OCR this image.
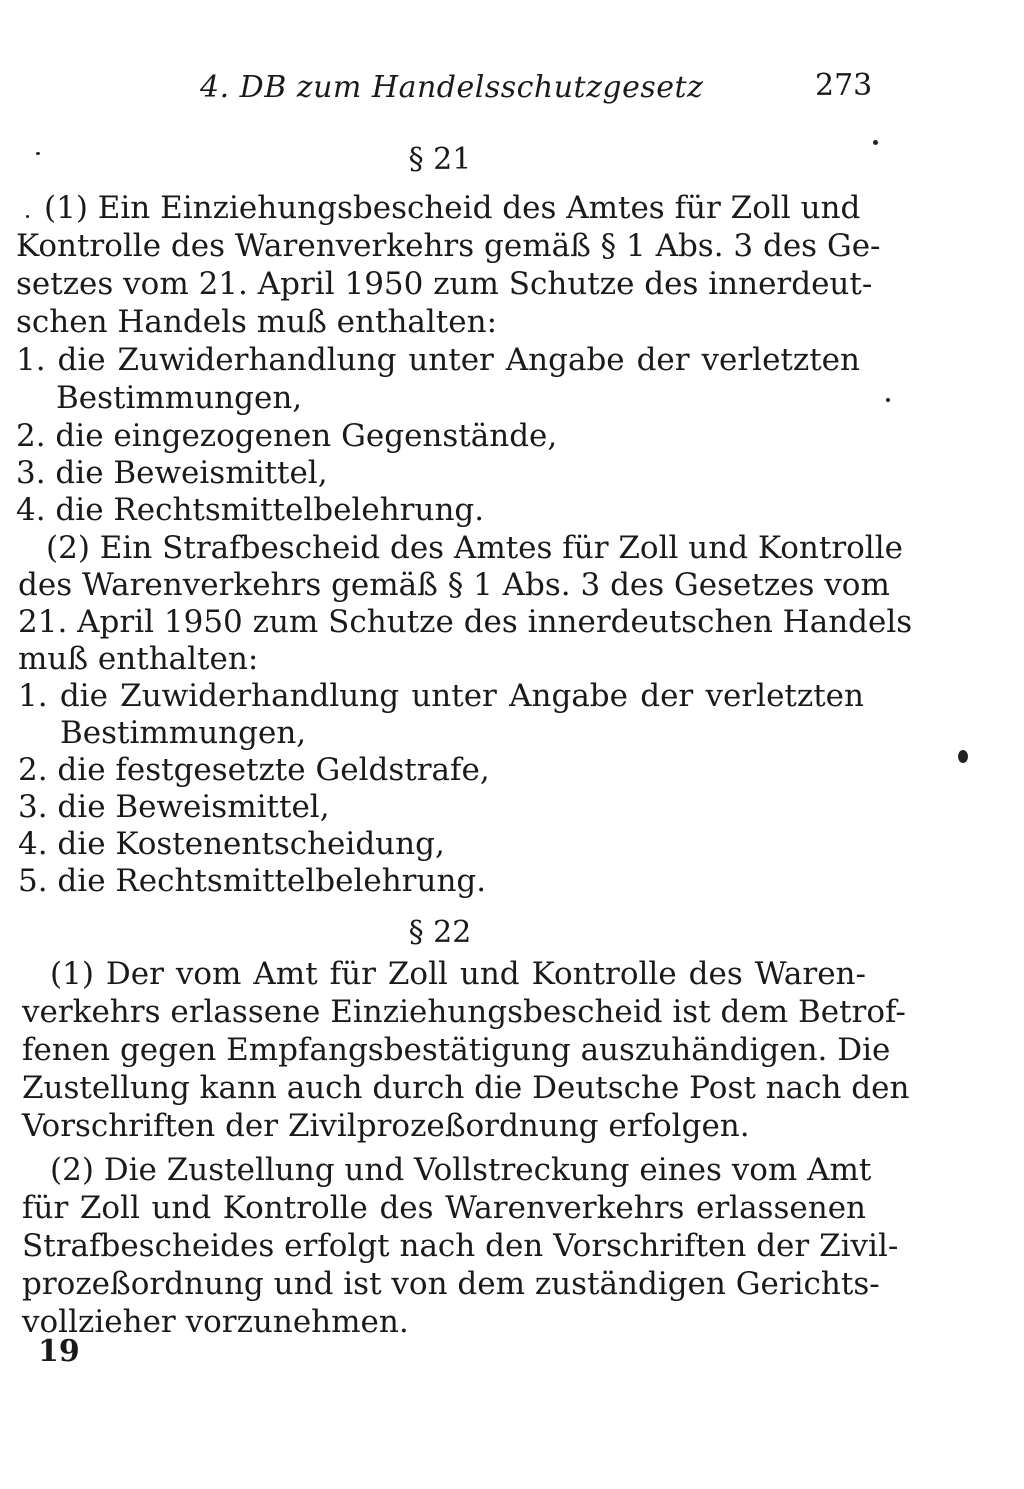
4. DB zum Handelsschutzgesetz	273
§ 21
(1) Ein Einziehungsbescheid des Amtes für Zoll und
Kontrolle des Warenverkehrs gemäß § 1 Abs. 3 des Ge-
setzes vom 21. April 1950 zum Schutze des innerdeut-
schen Handels muß enthalten:
1. die Zuwiderhandlung unter Angabe der verletzten
Bestimmungen,
2. die eingezogenen Gegenstände,
3. die Beweismittel,
4. die Rechtsmittelbelehrung.
(2) Ein Strafbescheid des Amtes für Zoll und Kontrolle
des Warenverkehrs gemäß § 1 Abs. 3 des Gesetzes vom
21. April 1950 zum Schutze des innerdeutschen Handels
muß enthalten:
1. die Zuwiderhandlung unter Angabe der verletzten
Bestimmungen,
2. die festgesetzte Geldstrafe,
3. die Beweismittel,
4. die Kostenentscheidung,
5. die Rechtsmittelbelehrung.
§ 22
(1) Der vom Amt für Zoll und Kontrolle des Waren-
verkehrs erlassene Einziehungsbescheid ist dem Betrof-
fenen gegen Empfangsbestätigung auszuhändigen. Die
Zustellung kann auch durch die Deutsche Post nach den
Vorschriften der Zivilprozeßordnung erfolgen.
(2) Die Zustellung und Vollstreckung eines vom Amt
für Zoll und Kontrolle des Warenverkehrs erlassenen
Strafbescheides erfolgt nach den Vorschriften der Zivil-
prozeßordnung und ist von dem zuständigen Gerichts-
vollzieher vorzunehmen.
19
